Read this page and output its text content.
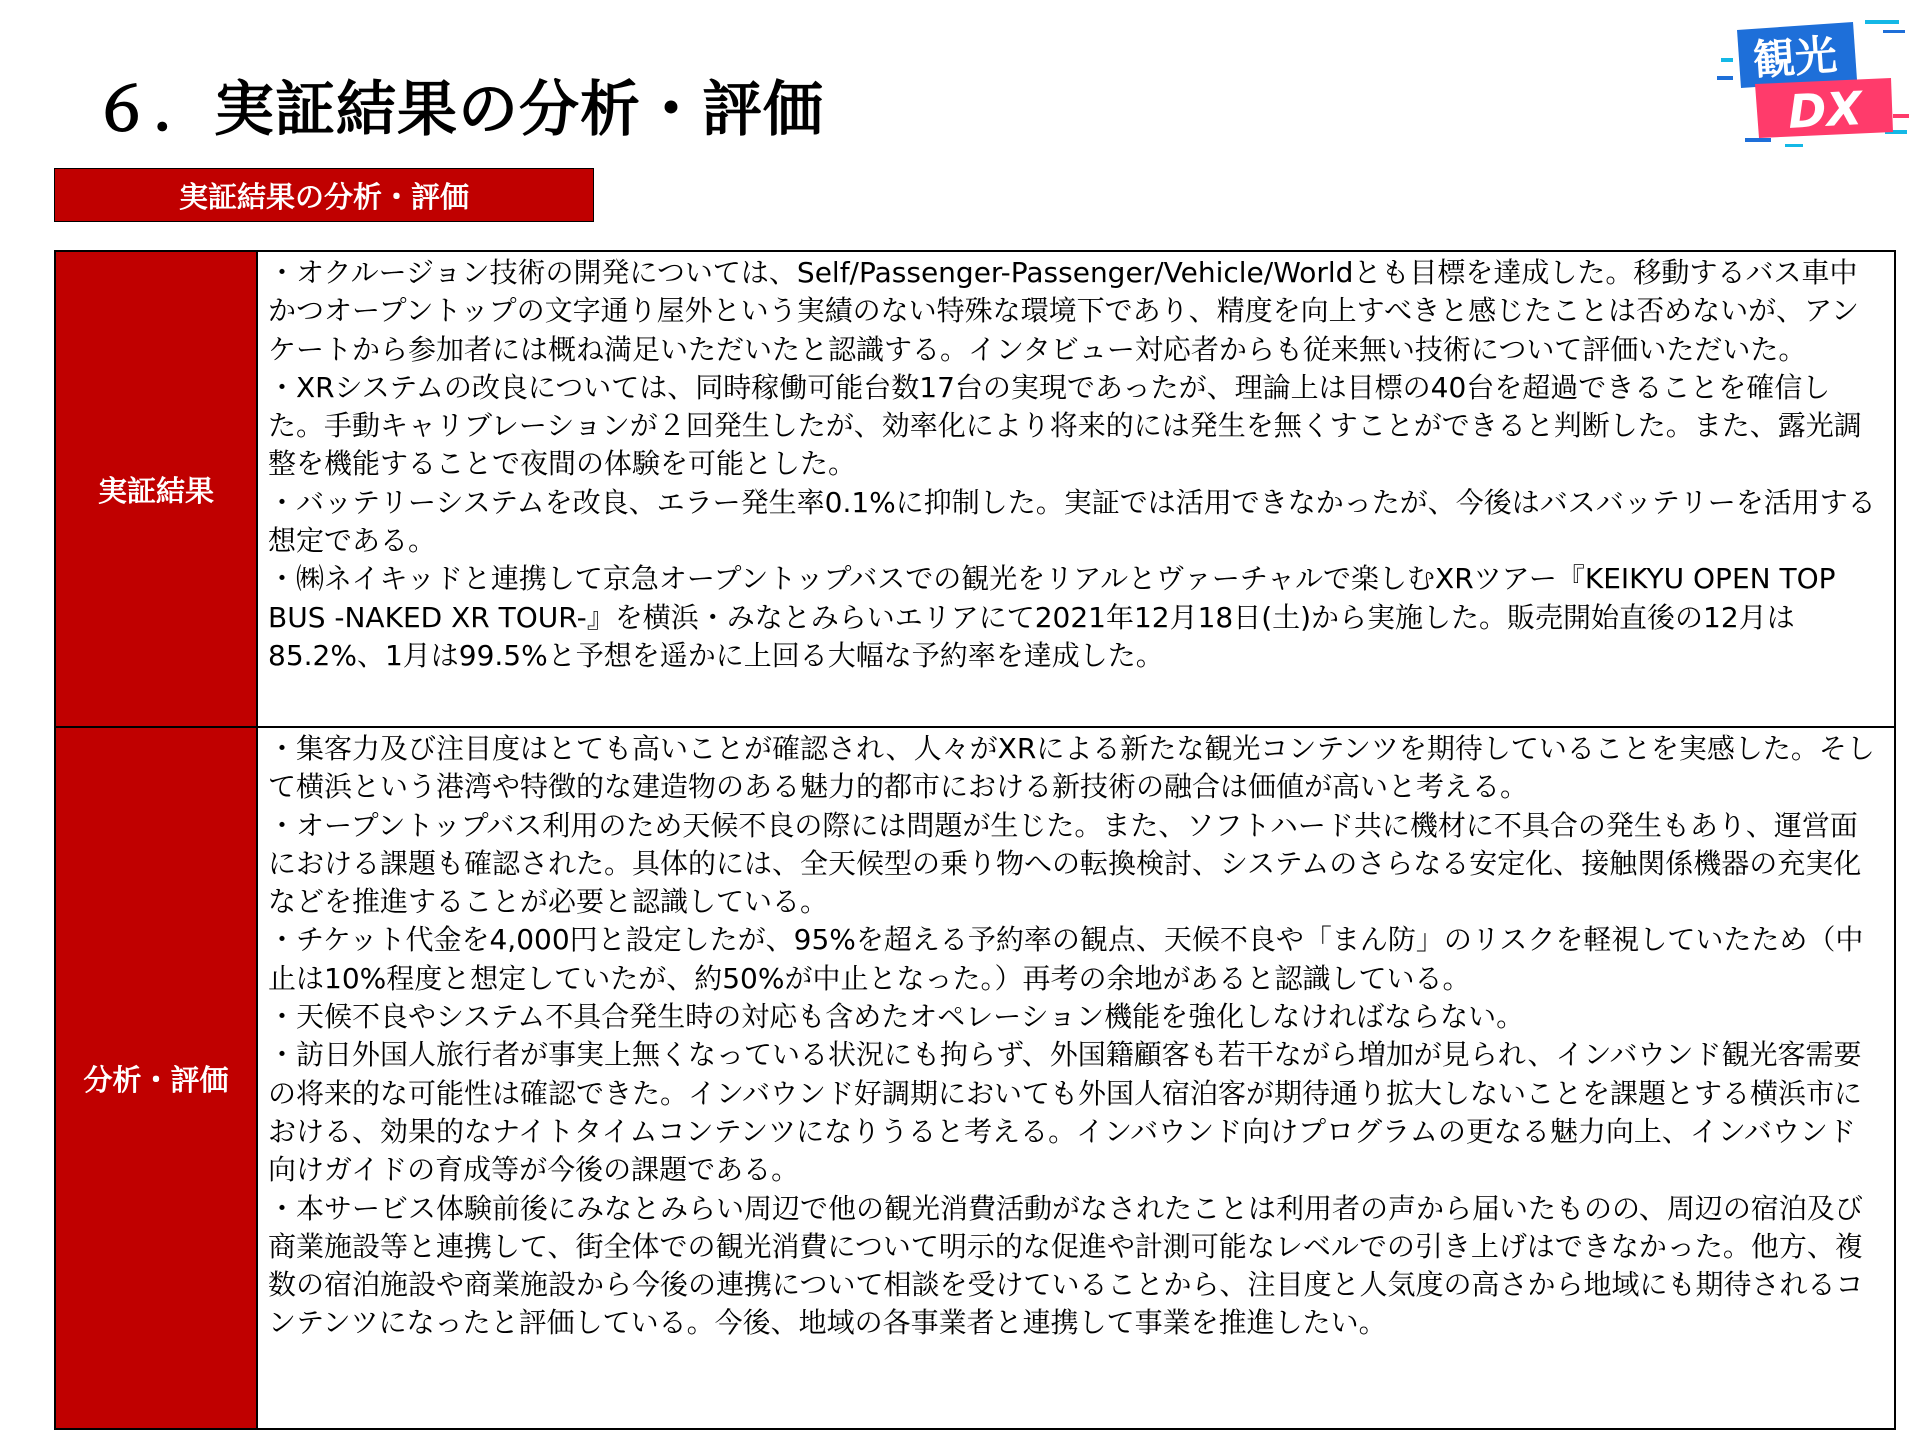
６．実証結果の分析・評価
観光
DX
実証結果の分析・評価
実証結果

・オクルージョン技術の開発については、Self/Passenger-Passenger/Vehicle/Worldとも目標を達成した。移動するバス車中かつオープントップの文字通り屋外という実績のない特殊な環境下であり、精度を向上すべきと感じたことは否めないが、アンケートから参加者には概ね満足いただいたと認識する。インタビュー対応者からも従来無い技術について評価いただいた。

・XRシステムの改良については、同時稼働可能台数17台の実現であったが、理論上は目標の40台を超過できることを確信した。手動キャリブレーションが２回発生したが、効率化により将来的には発生を無くすことができると判断した。また、露光調整を機能することで夜間の体験を可能とした。

・バッテリーシステムを改良、エラー発生率0.1%に抑制した。実証では活用できなかったが、今後はバスバッテリーを活用する想定である。

・㈱ネイキッドと連携して京急オープントップバスでの観光をリアルとヴァーチャルで楽しむXRツアー『KEIKYU OPEN TOP BUS -NAKED XR TOUR-』を横浜・みなとみらいエリアにて2021年12月18日(土)から実施した。販売開始直後の12月は85.2%、1月は99.5%と予想を遥かに上回る大幅な予約率を達成した。

分析・評価

・集客力及び注目度はとても高いことが確認され、人々がXRによる新たな観光コンテンツを期待していることを実感した。そして横浜という港湾や特徴的な建造物のある魅力的都市における新技術の融合は価値が高いと考える。

・オープントップバス利用のため天候不良の際には問題が生じた。また、ソフトハード共に機材に不具合の発生もあり、運営面における課題も確認された。具体的には、全天候型の乗り物への転換検討、システムのさらなる安定化、接触関係機器の充実化などを推進することが必要と認識している。

・チケット代金を4,000円と設定したが、95%を超える予約率の観点、天候不良や「まん防」のリスクを軽視していたため（中止は10%程度と想定していたが、約50%が中止となった。）再考の余地があると認識している。

・天候不良やシステム不具合発生時の対応も含めたオペレーション機能を強化しなければならない。

・訪日外国人旅行者が事実上無くなっている状況にも拘らず、外国籍顧客も若干ながら増加が見られ、インバウンド観光客需要の将来的な可能性は確認できた。インバウンド好調期においても外国人宿泊客が期待通り拡大しないことを課題とする横浜市における、効果的なナイトタイムコンテンツになりうると考える。インバウンド向けプログラムの更なる魅力向上、インバウンド向けガイドの育成等が今後の課題である。

・本サービス体験前後にみなとみらい周辺で他の観光消費活動がなされたことは利用者の声から届いたものの、周辺の宿泊及び商業施設等と連携して、街全体での観光消費について明示的な促進や計測可能なレベルでの引き上げはできなかった。他方、複数の宿泊施設や商業施設から今後の連携について相談を受けていることから、注目度と人気度の高さから地域にも期待されるコンテンツになったと評価している。今後、地域の各事業者と連携して事業を推進したい。
